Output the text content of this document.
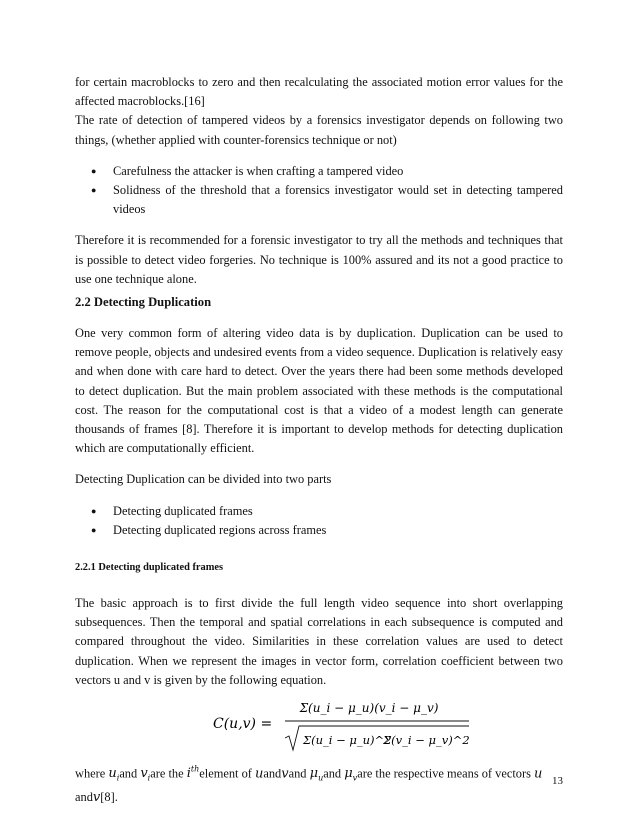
for certain macroblocks to zero and then recalculating the associated motion error values for the affected macroblocks.[16]

The rate of detection of tampered videos by a forensics investigator depends on following two things, (whether applied with counter-forensics technique or not)

● Carefulness the attacker is when crafting a tampered video
● Solidness of the threshold that a forensics investigator would set in detecting tampered videos

Therefore it is recommended for a forensic investigator to try all the methods and techniques that is possible to detect video forgeries. No technique is 100% assured and its not a good practice to use one technique alone.

2.2 Detecting Duplication

One very common form of altering video data is by duplication. Duplication can be used to remove people, objects and undesired events from a video sequence. Duplication is relatively easy and when done with care hard to detect. Over the years there had been some methods developed to detect duplication. But the main problem associated with these methods is the computational cost. The reason for the computational cost is that a video of a modest length can generate thousands of frames [8]. Therefore it is important to develop methods for detecting duplication which are computationally efficient.

Detecting Duplication can be divided into two parts

● Detecting duplicated frames
● Detecting duplicated regions across frames
2.2.1 Detecting duplicated frames

The basic approach is to first divide the full length video sequence into short overlapping subsequences. Then the temporal and spatial correlations in each subsequence is computed and compared throughout the video. Similarities in these correlation values are used to detect duplication. When we represent the images in vector form, correlation coefficient between two vectors u and v is given by the following equation.

C(u,v) =
Σ(u_i − μ_u)(v_i − μ_v)
Σ(u_i − μ_u)^2
Σ(v_i − μ_v)^2
where $u_iand$ $v_iare$ the $i^{th}element$ of uandvand $\mu_uand$ $\mu_vare$ the respective means of vectors u
andv[8].
13
